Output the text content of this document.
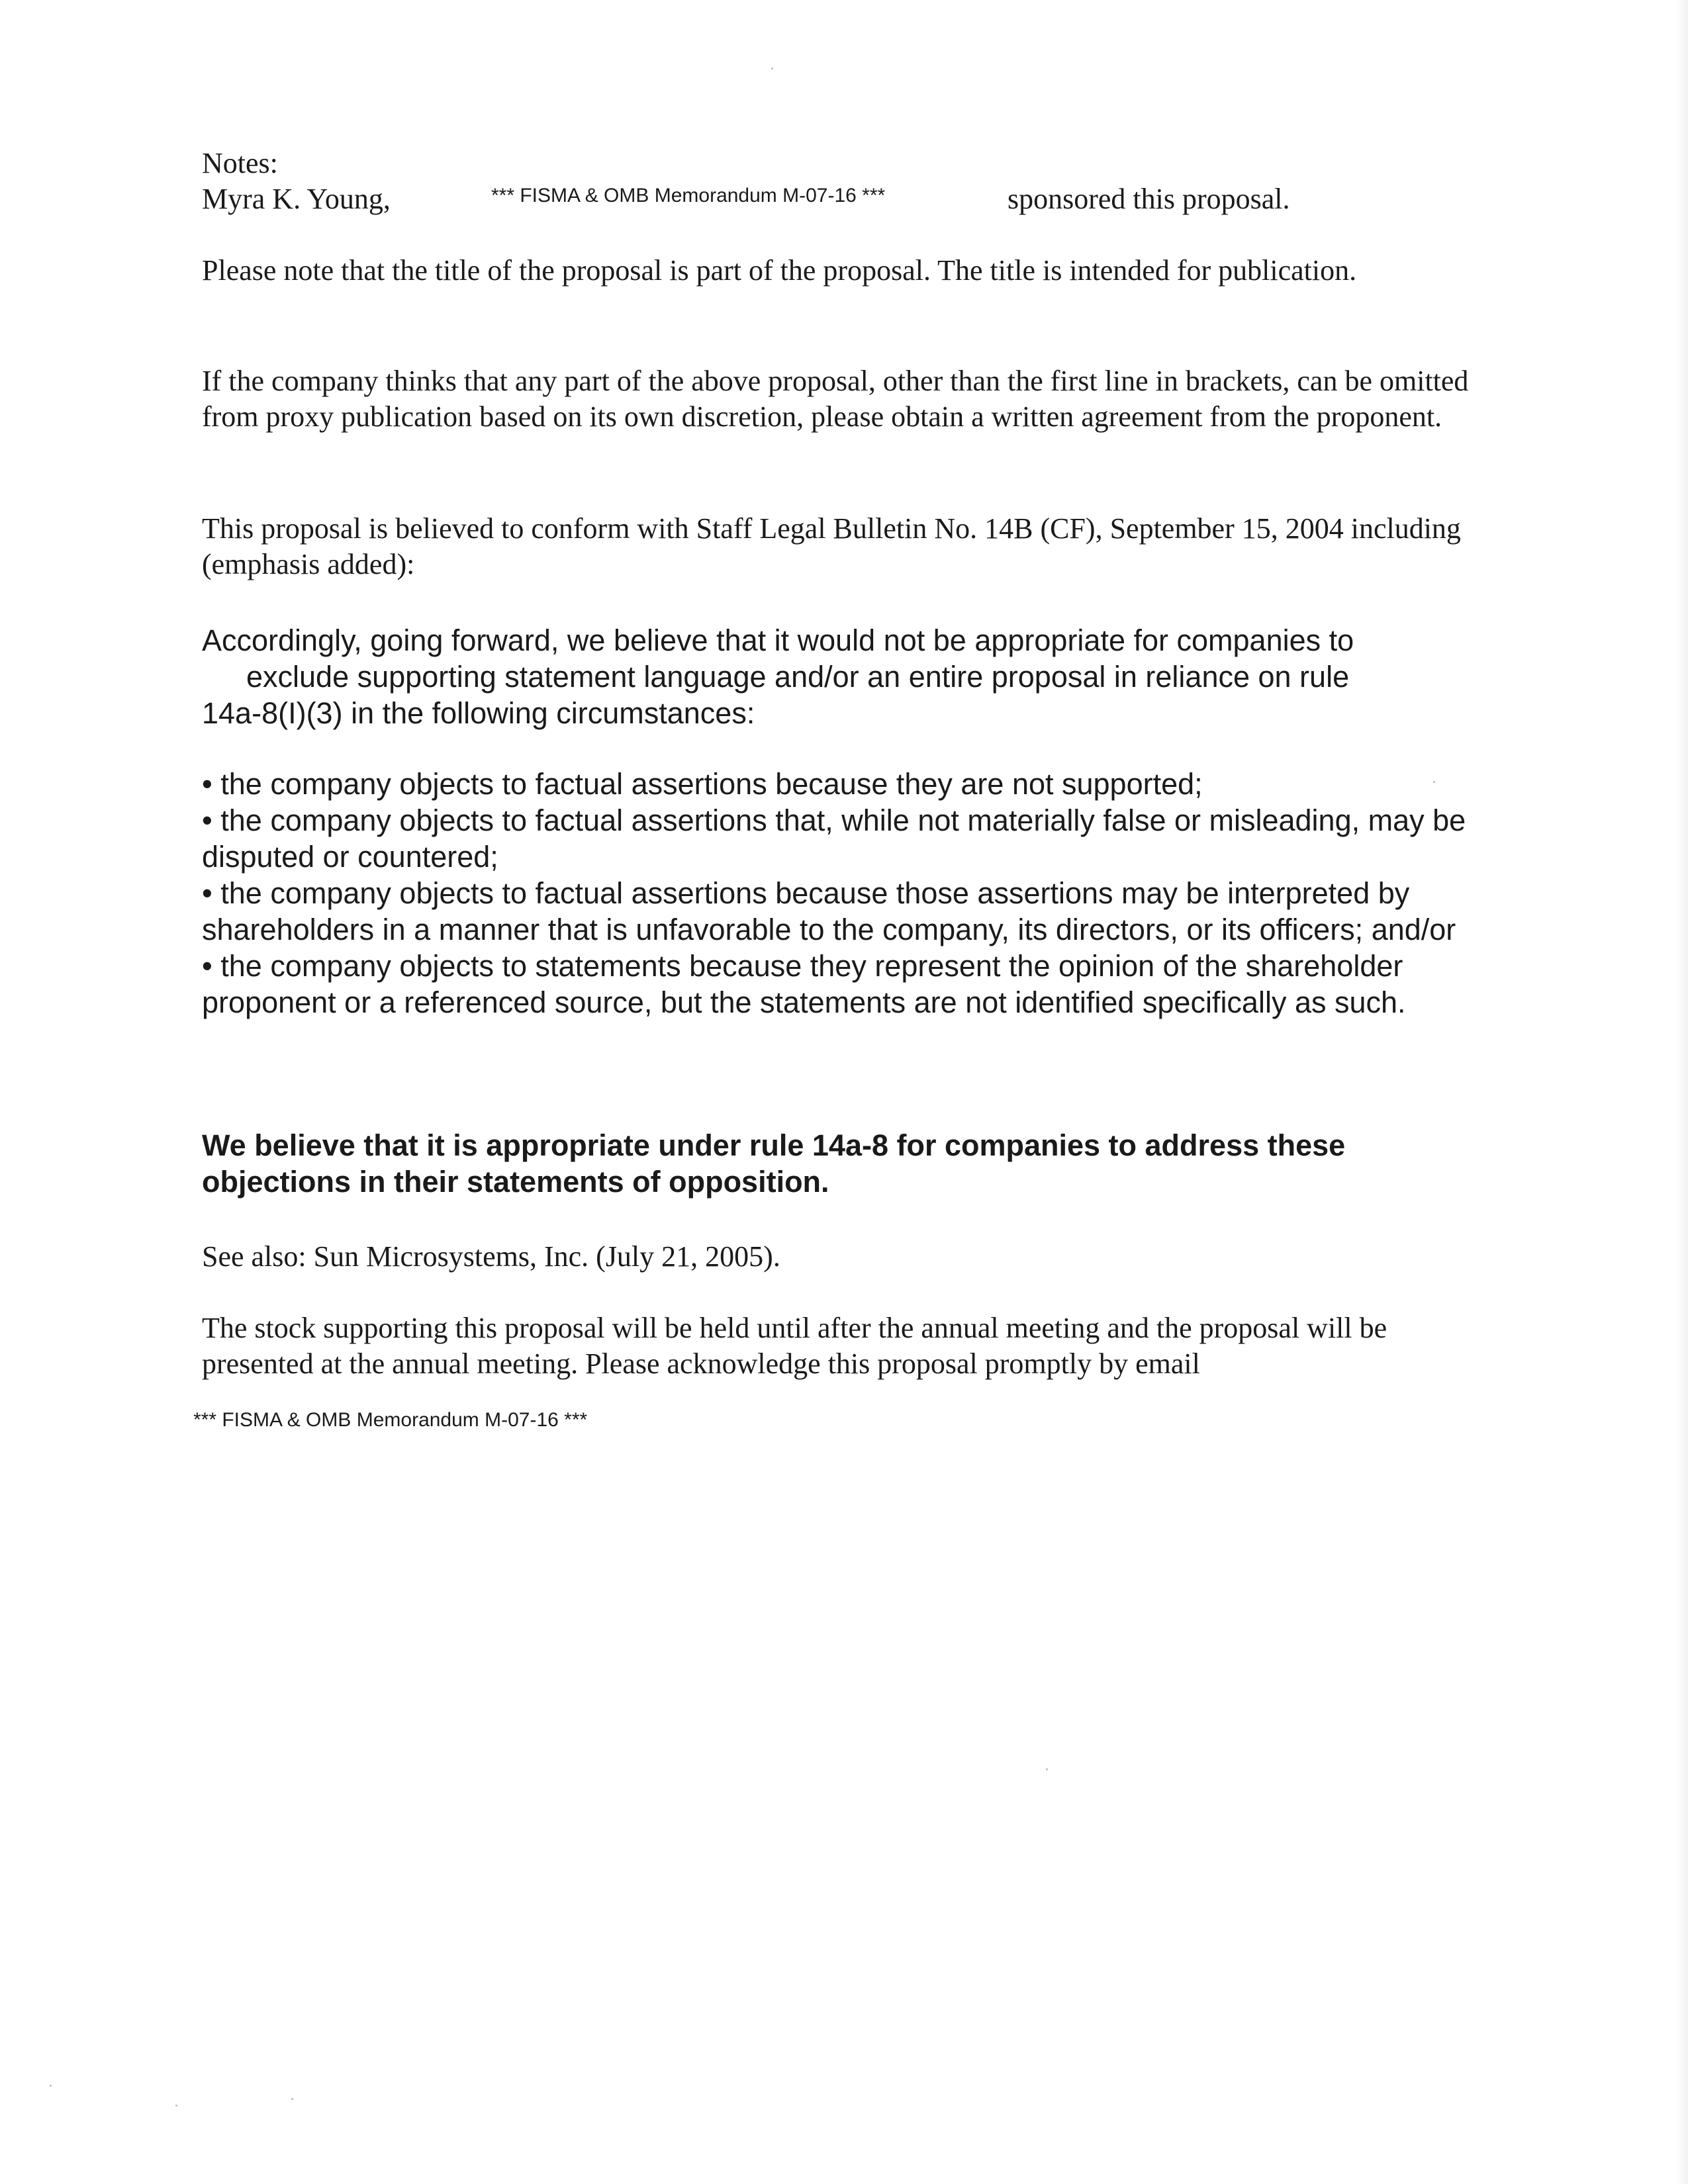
Notes:

Myra K. Young,	*** FISMA & OMB Memorandum M-07-16 ***	sponsored this proposal.

Please note that the title of the proposal is part of the proposal. The title is intended for publication.

If the company thinks that any part of the above proposal, other than the first line in brackets, can be omitted from proxy publication based on its own discretion, please obtain a written agreement from the proponent.

This proposal is believed to conform with Staff Legal Bulletin No. 14B (CF), September 15, 2004 including (emphasis added):

Accordingly, going forward, we believe that it would not be appropriate for companies to
exclude supporting statement language and/or an entire proposal in reliance on rule
14a-8(I)(3) in the following circumstances:
• the company objects to factual assertions because they are not supported;
• the company objects to factual assertions that, while not materially false or misleading, may be disputed or countered;
• the company objects to factual assertions because those assertions may be interpreted by shareholders in a manner that is unfavorable to the company, its directors, or its officers; and/or
• the company objects to statements because they represent the opinion of the shareholder proponent or a referenced source, but the statements are not identified specifically as such.

We believe that it is appropriate under rule 14a-8 for companies to address these objections in their statements of opposition.

See also: Sun Microsystems, Inc. (July 21, 2005).

The stock supporting this proposal will be held until after the annual meeting and the proposal will be presented at the annual meeting. Please acknowledge this proposal promptly by email

*** FISMA & OMB Memorandum M-07-16 ***
